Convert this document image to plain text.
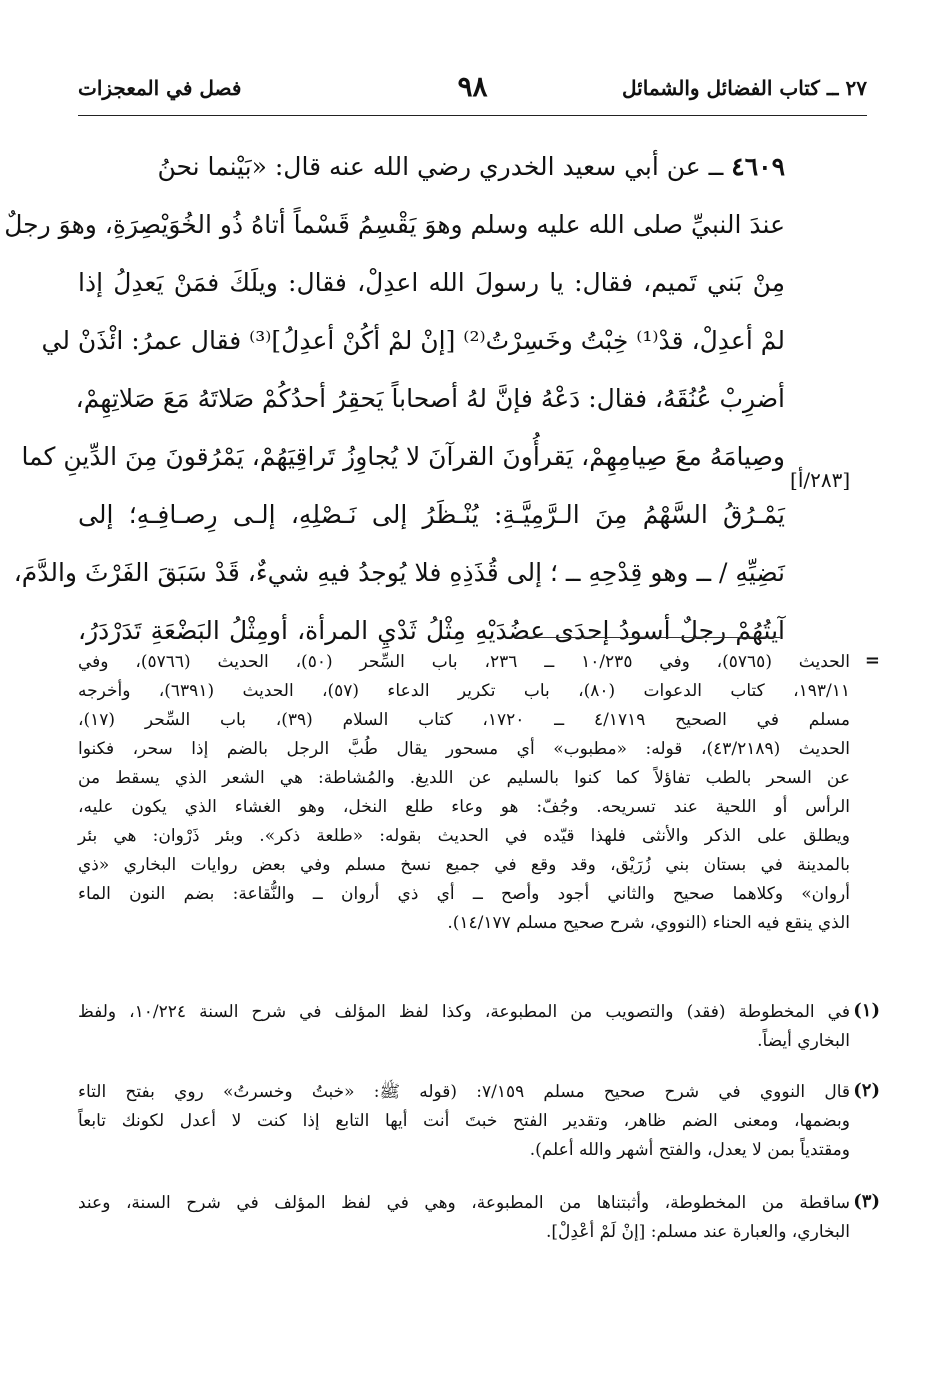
٢٧ ــ كتاب الفضائل والشمائل
٩٨
فصل في المعجزات
٤٦٠٩ ــ عن أبي سعيد الخدري رضي الله عنه قال: «بَيْنما نحنُ
عندَ النبيِّ صلى الله عليه وسلم وهوَ يَقْسِمُ قَسْماً أتاهُ ذُو الخُوَيْصِرَةِ، وهوَ رجلٌ
مِنْ بَني تَميم، فقال: يا رسولَ الله اعدِلْ، فقال: ويلَكَ فمَنْ يَعدِلُ إذا
لمْ أعدِلْ، قدْ⁽¹⁾ خِبْتُ وخَسِرْتُ⁽²⁾ [إنْ لمْ أكُنْ أعدِلُ]⁽³⁾ فقال عمرُ: ائْذَنْ لي
أضرِبْ عُنُقَهُ، فقال: دَعْهُ فإنَّ لهُ أصحاباً يَحقِرُ أحدُكُمْ صَلاتَهُ مَعَ صَلاتِهِمْ،
وصِيامَهُ معَ صِيامِهِمْ، يَقرأُونَ القرآنَ لا يُجاوِزُ تَراقِيَهُمْ، يَمْرُقونَ مِنَ الدِّينِ كما
يَمْـرُقُ السَّهْمُ مِنَ الـرَّمِيَّـةِ: يُنْـظَرُ إلى نَـصْلِهِ، إلـى رِصـافِـهِ؛ إلى
نَضِيِّهِ / ــ وهو قِدْحِهِ ــ ؛ إلى قُذَذِهِ فلا يُوجدُ فيهِ شيءٌ، قَدْ سَبَقَ الفَرْثَ والدَّمَ،
آيتُهُمْ رجلٌ أسودُ إحدَى عضُدَيْهِ مِثْلُ ثَدْيِ المرأة، أومِثْلُ البَضْعَةِ تَدَرْدَرُ،
[٢٨٣/أ]
=
الحديث (٥٧٦٥)، وفي ١٠/٢٣٥ ــ ٢٣٦، باب السِّحر (٥٠)، الحديث (٥٧٦٦)، وفي
١٩٣/١١، كتاب الدعوات (٨٠)، باب تكرير الدعاء (٥٧)، الحديث (٦٣٩١)، وأخرجه
مسلم في الصحيح ٤/١٧١٩ ــ ١٧٢٠، كتاب السلام (٣٩)، باب السِّحر (١٧)،
الحديث (٤٣/٢١٨٩)، قوله: «مطبوب» أي مسحور يقال طُبَّ الرجل بالضم إذا سحر، فكنوا
عن السحر بالطب تفاؤلاً كما كنوا بالسليم عن اللديغ. والمُشاطة: هي الشعر الذي يسقط من
الرأس أو اللحية عند تسريحه. وجُفّ: هو وعاء طلع النخل، وهو الغشاء الذي يكون عليه،
ويطلق على الذكر والأنثى فلهذا قيّده في الحديث بقوله: «طلعة ذكر». وبئر ذَرْوان: هي بئر
بالمدينة في بستان بني زُرَيْق، وقد وقع في جميع نسخ مسلم وفي بعض روايات البخاري «ذي
أروان» وكلاهما صحيح والثاني أجود وأصح ــ أي ذي أروان ــ والنُّقاعة: بضم النون الماء
الذي ينقع فيه الحناء (النووي، شرح صحيح مسلم ١٤/١٧٧).
(١)
في المخطوطة (فقد) والتصويب من المطبوعة، وكذا لفظ المؤلف في شرح السنة ١٠/٢٢٤، ولفظ
البخاري أيضاً.
(٢)
قال النووي في شرح صحيح مسلم ٧/١٥٩: (قوله ﷺ: «خبتُ وخسرتُ» روي بفتح التاء
وبضمها، ومعنى الضم ظاهر، وتقدير الفتح خبتَ أنت أيها التابع إذا كنت لا أعدل لكونك تابعاً
ومقتدياً بمن لا يعدل، والفتح أشهر والله أعلم).
(٣)
ساقطة من المخطوطة، وأثبتناها من المطبوعة، وهي في لفظ المؤلف في شرح السنة، وعند
البخاري، والعبارة عند مسلم: [إنْ لَمْ أعْدِلْ].
